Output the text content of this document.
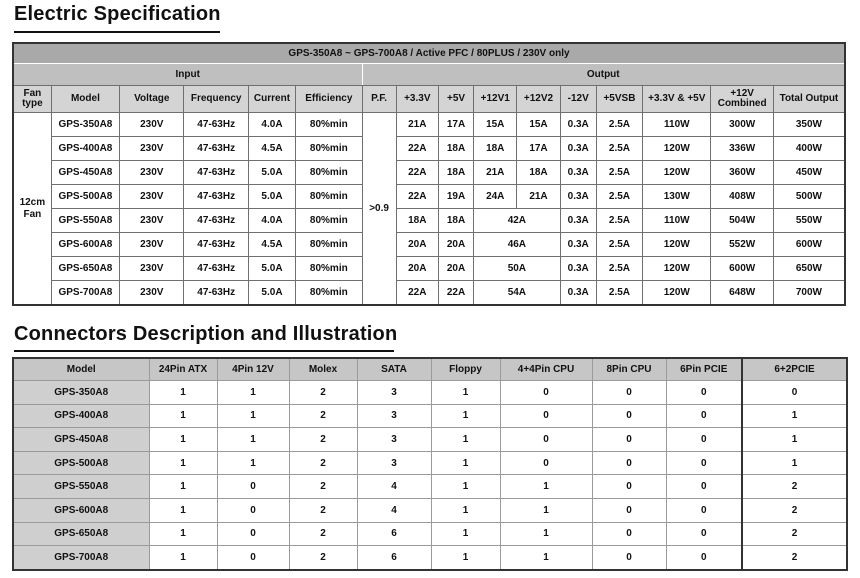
Electric Specification
GPS-350A8 ~ GPS-700A8 / Active PFC / 80PLUS / 230V only															
Input						Output									
Fan type	Model	Voltage	Frequency	Current	Efficiency	P.F.	+3.3V	+5V	+12V1	+12V2	-12V	+5VSB	+3.3V & +5V	+12V Combined	Total Output
12cm Fan	GPS-350A8	230V	47-63Hz	4.0A	80%min	>0.9	21A	17A	15A	15A	0.3A	2.5A	110W	300W	350W
	GPS-400A8	230V	47-63Hz	4.5A	80%min		22A	18A	18A	17A	0.3A	2.5A	120W	336W	400W
	GPS-450A8	230V	47-63Hz	5.0A	80%min		22A	18A	21A	18A	0.3A	2.5A	120W	360W	450W
	GPS-500A8	230V	47-63Hz	5.0A	80%min		22A	19A	24A	21A	0.3A	2.5A	130W	408W	500W
	GPS-550A8	230V	47-63Hz	4.0A	80%min		18A	18A	42A		0.3A	2.5A	110W	504W	550W
	GPS-600A8	230V	47-63Hz	4.5A	80%min		20A	20A	46A		0.3A	2.5A	120W	552W	600W
	GPS-650A8	230V	47-63Hz	5.0A	80%min		20A	20A	50A		0.3A	2.5A	120W	600W	650W
	GPS-700A8	230V	47-63Hz	5.0A	80%min		22A	22A	54A		0.3A	2.5A	120W	648W	700W
Connectors Description and Illustration
Model	24Pin ATX	4Pin 12V	Molex	SATA	Floppy	4+4Pin CPU	8Pin CPU	6Pin PCIE	6+2PCIE
GPS-350A8	1	1	2	3	1	0	0	0	0
GPS-400A8	1	1	2	3	1	0	0	0	1
GPS-450A8	1	1	2	3	1	0	0	0	1
GPS-500A8	1	1	2	3	1	0	0	0	1
GPS-550A8	1	0	2	4	1	1	0	0	2
GPS-600A8	1	0	2	4	1	1	0	0	2
GPS-650A8	1	0	2	6	1	1	0	0	2
GPS-700A8	1	0	2	6	1	1	0	0	2
